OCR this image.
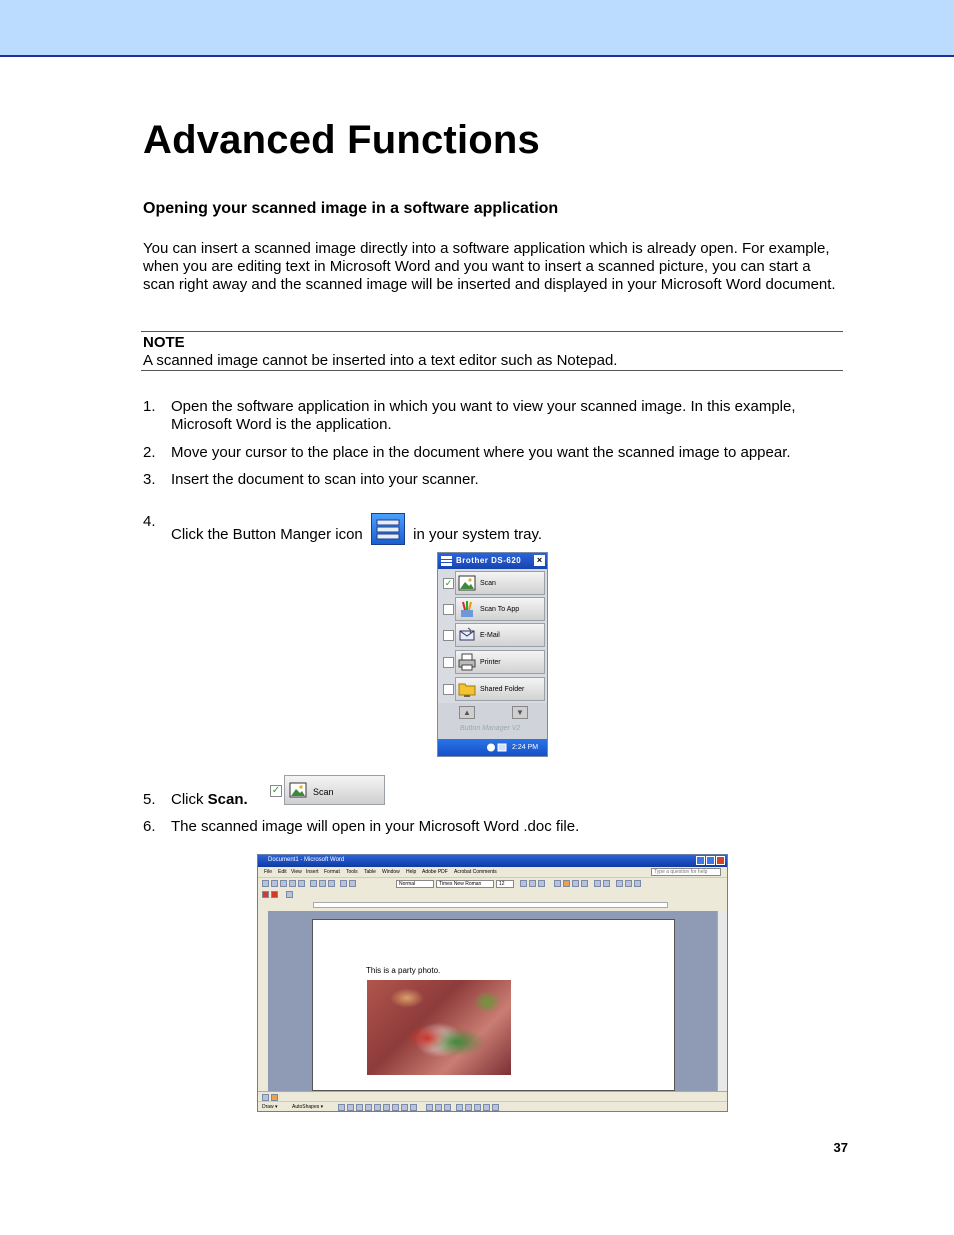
Advanced Functions
Opening your scanned image in a software application

You can insert a scanned image directly into a software application which is already open. For example, when you are editing text in Microsoft Word and you want to insert a scanned picture, you can start a scan right away and the scanned image will be inserted and displayed in your Microsoft Word document.

NOTE
A scanned image cannot be inserted into a text editor such as Notepad.
1. Open the software application in which you want to view your scanned image. In this example, Microsoft Word is the application.
2. Move your cursor to the place in the document where you want the scanned image to appear.
3. Insert the document to scan into your scanner.
4.
Click the Button Manger icon	in your system tray.
Brother DS-620	×
✓	Scan
Scan To App
E-Mail
Printer
Shared Folder
▲	▼
Button Manager V2
2:24 PM
5. Click Scan.
✓	Scan
6. The scanned image will open in your Microsoft Word .doc file.
Document1 - Microsoft Word
File Edit View Insert Format Tools Table Window Help Adobe PDF Acrobat Comments	Type a question for help
Normal	Times New Roman	12
This is a party photo.
Draw ▾	AutoShapes ▾
37
